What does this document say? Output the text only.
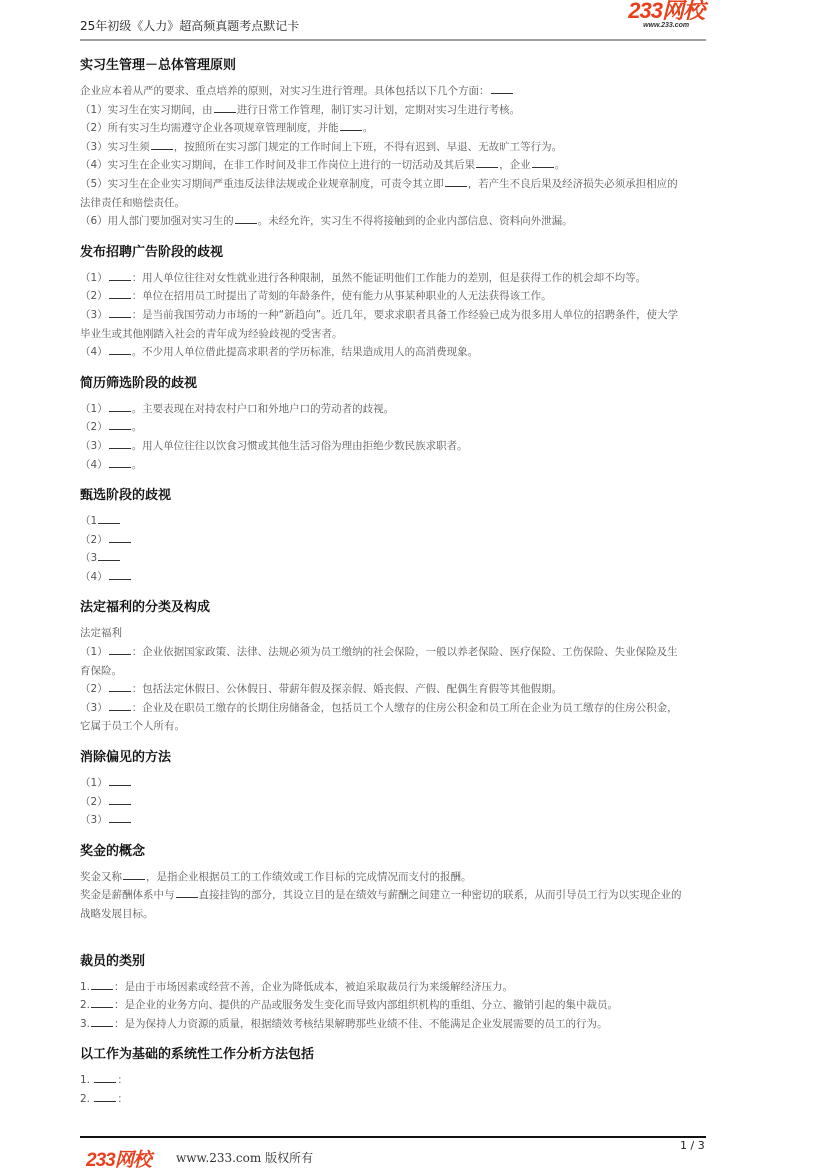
25年初级《人力》超高频真题考点默记卡
233网校
www.233.com
实习生管理－总体管理原则
企业应本着从严的要求、重点培养的原则，对实习生进行管理。具体包括以下几个方面：
（1）实习生在实习期间，由 进行日常工作管理，制订实习计划，定期对实习生进行考核。
（2）所有实习生均需遵守企业各项规章管理制度，并能 。
（3）实习生须 ，按照所在实习部门规定的工作时间上下班，不得有迟到、早退、无故旷工等行为。
（4）实习生在企业实习期间，在非工作时间及非工作岗位上进行的一切活动及其后果 ，企业 。
（5）实习生在企业实习期间严重违反法律法规或企业规章制度，可责令其立即 ，若产生不良后果及经济损失必须承担相应的
法律责任和赔偿责任。
（6）用人部门要加强对实习生的 。未经允许，实习生不得将接触到的企业内部信息、资料向外泄漏。
发布招聘广告阶段的歧视
（1） ：用人单位往往对女性就业进行各种限制，虽然不能证明他们工作能力的差别，但是获得工作的机会却不均等。
（2） ：单位在招用员工时提出了苛刻的年龄条件，使有能力从事某种职业的人无法获得该工作。
（3） ：是当前我国劳动力市场的一种“新趋向”。近几年，要求求职者具备工作经验已成为很多用人单位的招聘条件，使大学
毕业生或其他刚踏入社会的青年成为经验歧视的受害者。
（4） 。不少用人单位借此提高求职者的学历标准，结果造成用人的高消费现象。
简历筛选阶段的歧视
（1） 。主要表现在对持农村户口和外地户口的劳动者的歧视。
（2） 。
（3） 。用人单位往往以饮食习惯或其他生活习俗为理由拒绝少数民族求职者。
（4） 。
甄选阶段的歧视
（1
（2）
（3
（4）
法定福利的分类及构成
法定福利
（1） ：企业依据国家政策、法律、法规必须为员工缴纳的社会保险，一般以养老保险、医疗保险、工伤保险、失业保险及生
育保险。
（2） ：包括法定休假日、公休假日、带薪年假及探亲假、婚丧假、产假、配偶生育假等其他假期。
（3） ：企业及在职员工缴存的长期住房储备金，包括员工个人缴存的住房公积金和员工所在企业为员工缴存的住房公积金，
它属于员工个人所有。
消除偏见的方法
（1）
（2）
（3）
奖金的概念
奖金又称 ，是指企业根据员工的工作绩效或工作目标的完成情况而支付的报酬。
奖金是薪酬体系中与 直接挂钩的部分，其设立目的是在绩效与薪酬之间建立一种密切的联系，从而引导员工行为以实现企业的
战略发展目标。
裁员的类别
1. ：是由于市场因素或经营不善，企业为降低成本，被迫采取裁员行为来缓解经济压力。
2. ：是企业的业务方向、提供的产品或服务发生变化而导致内部组织机构的重组、分立、撤销引起的集中裁员。
3. ：是为保持人力资源的质量，根据绩效考核结果解聘那些业绩不佳、不能满足企业发展需要的员工的行为。
以工作为基础的系统性工作分析方法包括
1. ：
2. ：
233网校 www.233.com 版权所有
1 / 3
